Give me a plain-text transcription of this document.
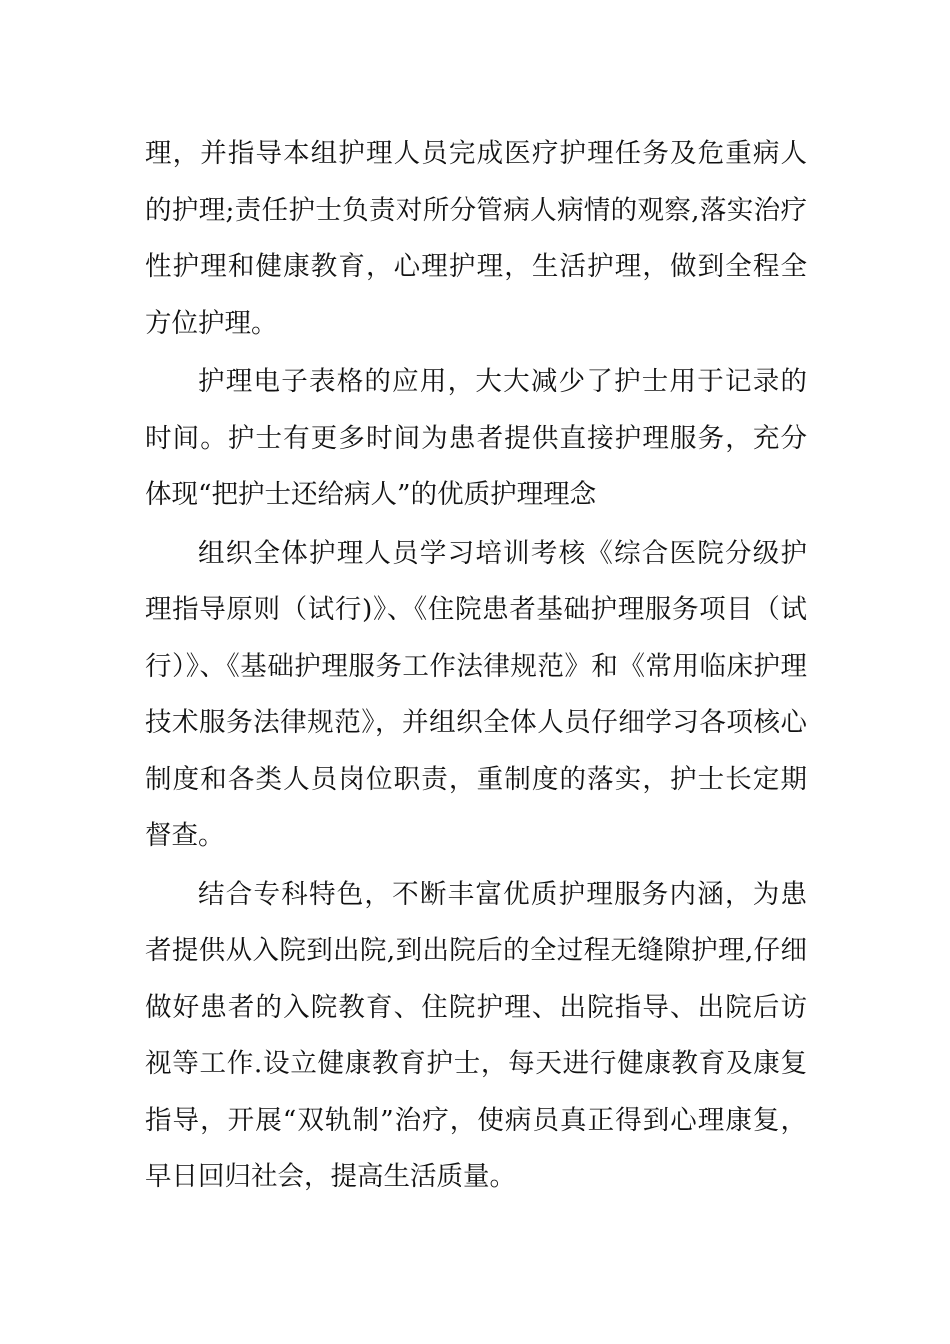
理，并指导本组护理人员完成医疗护理任务及危重病人的护理;责任护士负责对所分管病人病情的观察,落实治疗性护理和健康教育，心理护理，生活护理，做到全程全方位护理。

护理电子表格的应用，大大减少了护士用于记录的时间。护士有更多时间为患者提供直接护理服务，充分体现“把护士还给病人”的优质护理理念

组织全体护理人员学习培训考核《综合医院分级护理指导原则（试行)》、《住院患者基础护理服务项目（试行）》、《基础护理服务工作法律规范》和《常用临床护理技术服务法律规范》，并组织全体人员仔细学习各项核心制度和各类人员岗位职责，重制度的落实，护士长定期督查。

结合专科特色，不断丰富优质护理服务内涵，为患者提供从入院到出院,到出院后的全过程无缝隙护理,仔细做好患者的入院教育、住院护理、出院指导、出院后访视等工作.设立健康教育护士，每天进行健康教育及康复指导，开展“双轨制”治疗，使病员真正得到心理康复，早日回归社会，提高生活质量。
